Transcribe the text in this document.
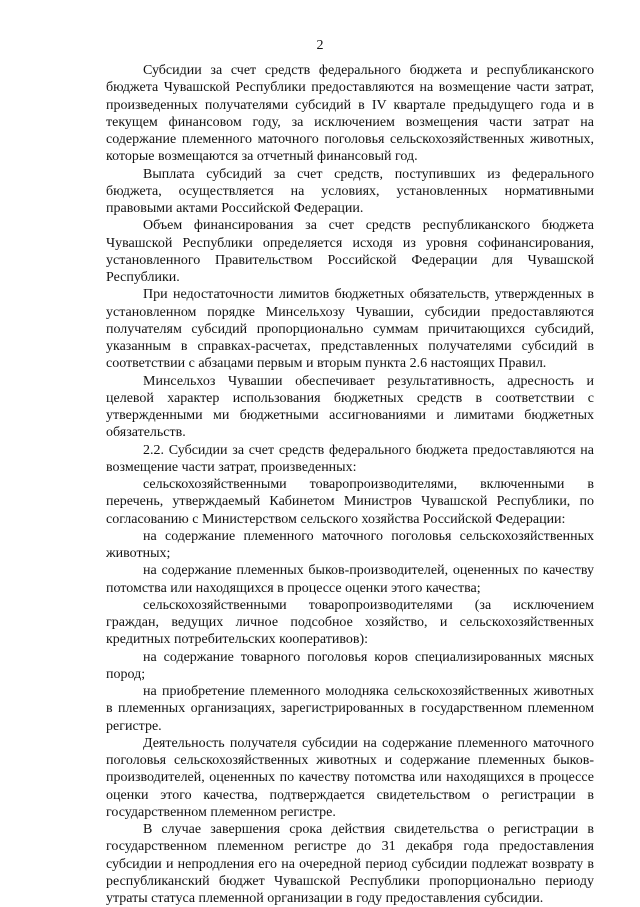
2

Субсидии за счет средств федерального бюджета и республиканского бюджета Чувашской Республики предоставляются на возмещение части затрат, произведенных получателями субсидий в IV квартале предыдущего года и в текущем финансовом году, за исключением возмещения части затрат на содержание племенного маточного поголовья сельскохозяйственных животных, которые возмещаются за отчетный финансовый год.

Выплата субсидий за счет средств, поступивших из федерального бюджета, осуществляется на условиях, установленных нормативными правовыми актами Российской Федерации.

Объем финансирования за счет средств республиканского бюджета Чувашской Республики определяется исходя из уровня софинансирования, установленного Правительством Российской Федерации для Чувашской Республики.

При недостаточности лимитов бюджетных обязательств, утвержденных в установленном порядке Минсельхозу Чувашии, субсидии предоставляются получателям субсидий пропорционально суммам причитающихся субсидий, указанным в справках-расчетах, представленных получателями субсидий в соответствии с абзацами первым и вторым пункта 2.6 настоящих Правил.

Минсельхоз Чувашии обеспечивает результативность, адресность и целевой характер использования бюджетных средств в соответствии с утвержденными ми бюджетными ассигнованиями и лимитами бюджетных обязательств.

2.2. Субсидии за счет средств федерального бюджета предоставляются на возмещение части затрат, произведенных:

сельскохозяйственными товаропроизводителями, включенными в перечень, утверждаемый Кабинетом Министров Чувашской Республики, по согласованию с Министерством сельского хозяйства Российской Федерации:

на содержание племенного маточного поголовья сельскохозяйственных животных;

на содержание племенных быков-производителей, оцененных по качеству потомства или находящихся в процессе оценки этого качества;

сельскохозяйственными товаропроизводителями (за исключением граждан, ведущих личное подсобное хозяйство, и сельскохозяйственных кредитных потребительских кооперативов):

на содержание товарного поголовья коров специализированных мясных пород;

на приобретение племенного молодняка сельскохозяйственных животных в племенных организациях, зарегистрированных в государственном племенном регистре.

Деятельность получателя субсидии на содержание племенного маточного поголовья сельскохозяйственных животных и содержание племенных быков-производителей, оцененных по качеству потомства или находящихся в процессе оценки этого качества, подтверждается свидетельством о регистрации в государственном племенном регистре.

В случае завершения срока действия свидетельства о регистрации в государственном племенном регистре до 31 декабря года предоставления субсидии и непродления его на очередной период субсидии подлежат возврату в республиканский бюджет Чувашской Республики пропорционально периоду утраты статуса племенной организации в году предоставления субсидии.
